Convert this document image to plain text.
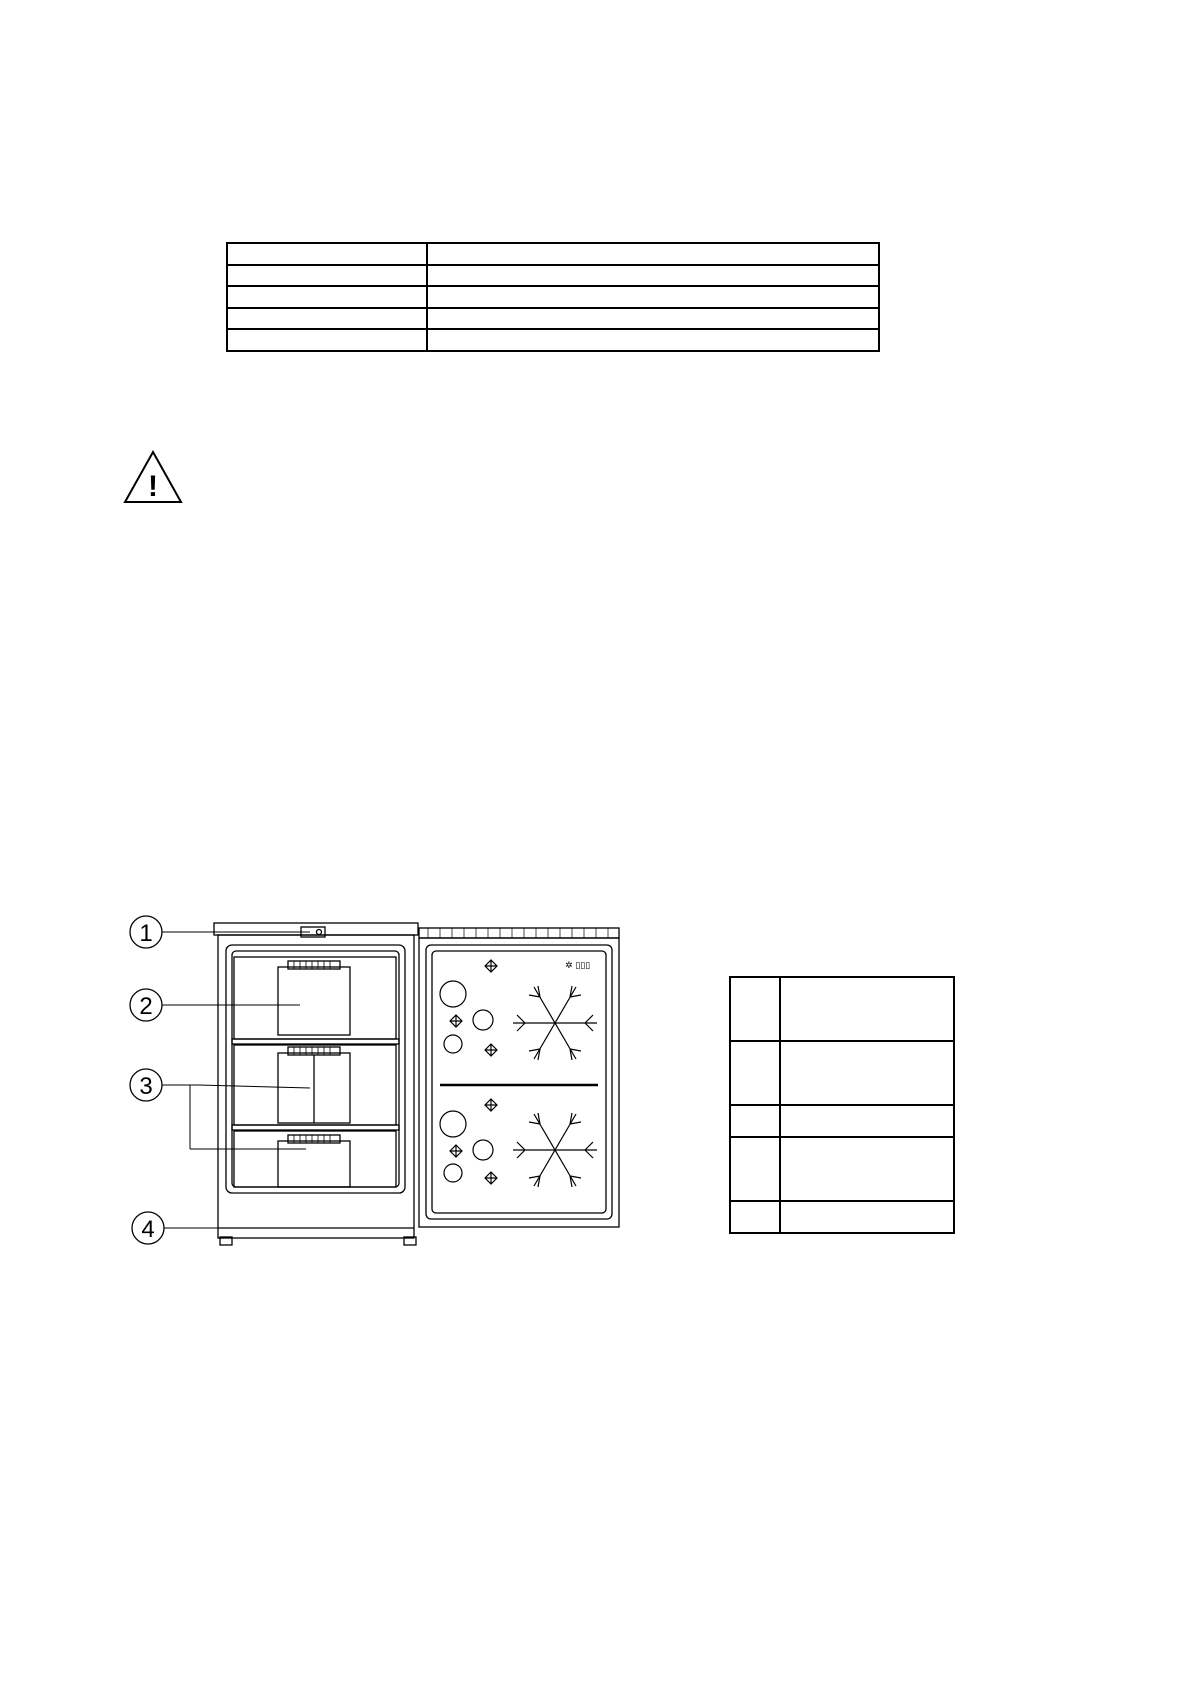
!
✲ ▯▯▯
1
2
3
4
